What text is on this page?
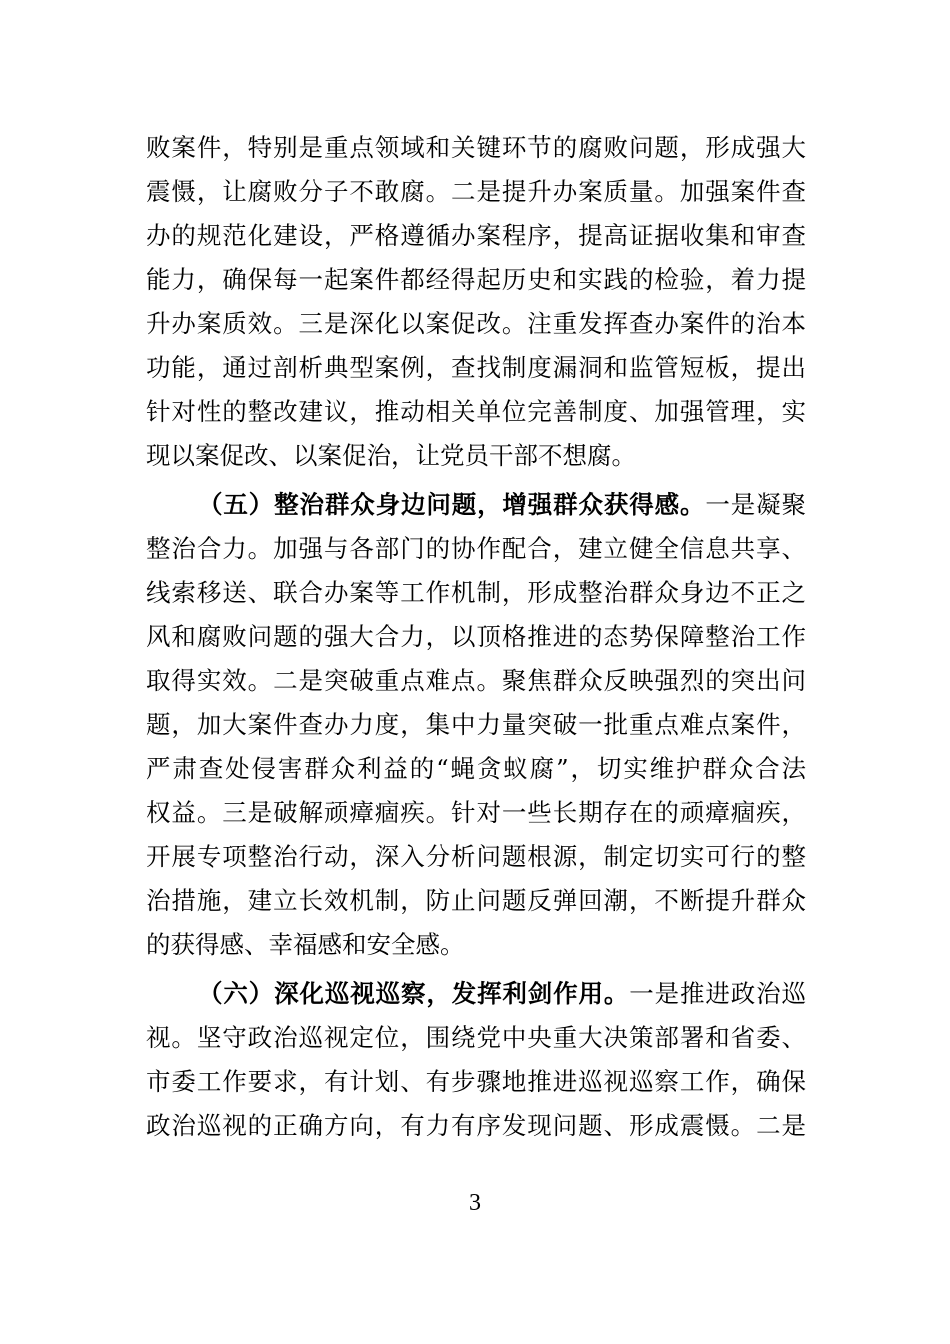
败案件，特别是重点领域和关键环节的腐败问题，形成强大
震慑，让腐败分子不敢腐。二是提升办案质量。加强案件查
办的规范化建设，严格遵循办案程序，提高证据收集和审查
能力，确保每一起案件都经得起历史和实践的检验，着力提
升办案质效。三是深化以案促改。注重发挥查办案件的治本
功能，通过剖析典型案例，查找制度漏洞和监管短板，提出
针对性的整改建议，推动相关单位完善制度、加强管理，实
现以案促改、以案促治，让党员干部不想腐。
（五）整治群众身边问题，增强群众获得感。一是凝聚
整治合力。加强与各部门的协作配合，建立健全信息共享、
线索移送、联合办案等工作机制，形成整治群众身边不正之
风和腐败问题的强大合力，以顶格推进的态势保障整治工作
取得实效。二是突破重点难点。聚焦群众反映强烈的突出问
题，加大案件查办力度，集中力量突破一批重点难点案件，
严肃查处侵害群众利益的“蝇贪蚁腐”，切实维护群众合法
权益。三是破解顽瘴痼疾。针对一些长期存在的顽瘴痼疾，
开展专项整治行动，深入分析问题根源，制定切实可行的整
治措施，建立长效机制，防止问题反弹回潮，不断提升群众
的获得感、幸福感和安全感。
（六）深化巡视巡察，发挥利剑作用。一是推进政治巡
视。坚守政治巡视定位，围绕党中央重大决策部署和省委、
市委工作要求，有计划、有步骤地推进巡视巡察工作，确保
政治巡视的正确方向，有力有序发现问题、形成震慑。二是
3
